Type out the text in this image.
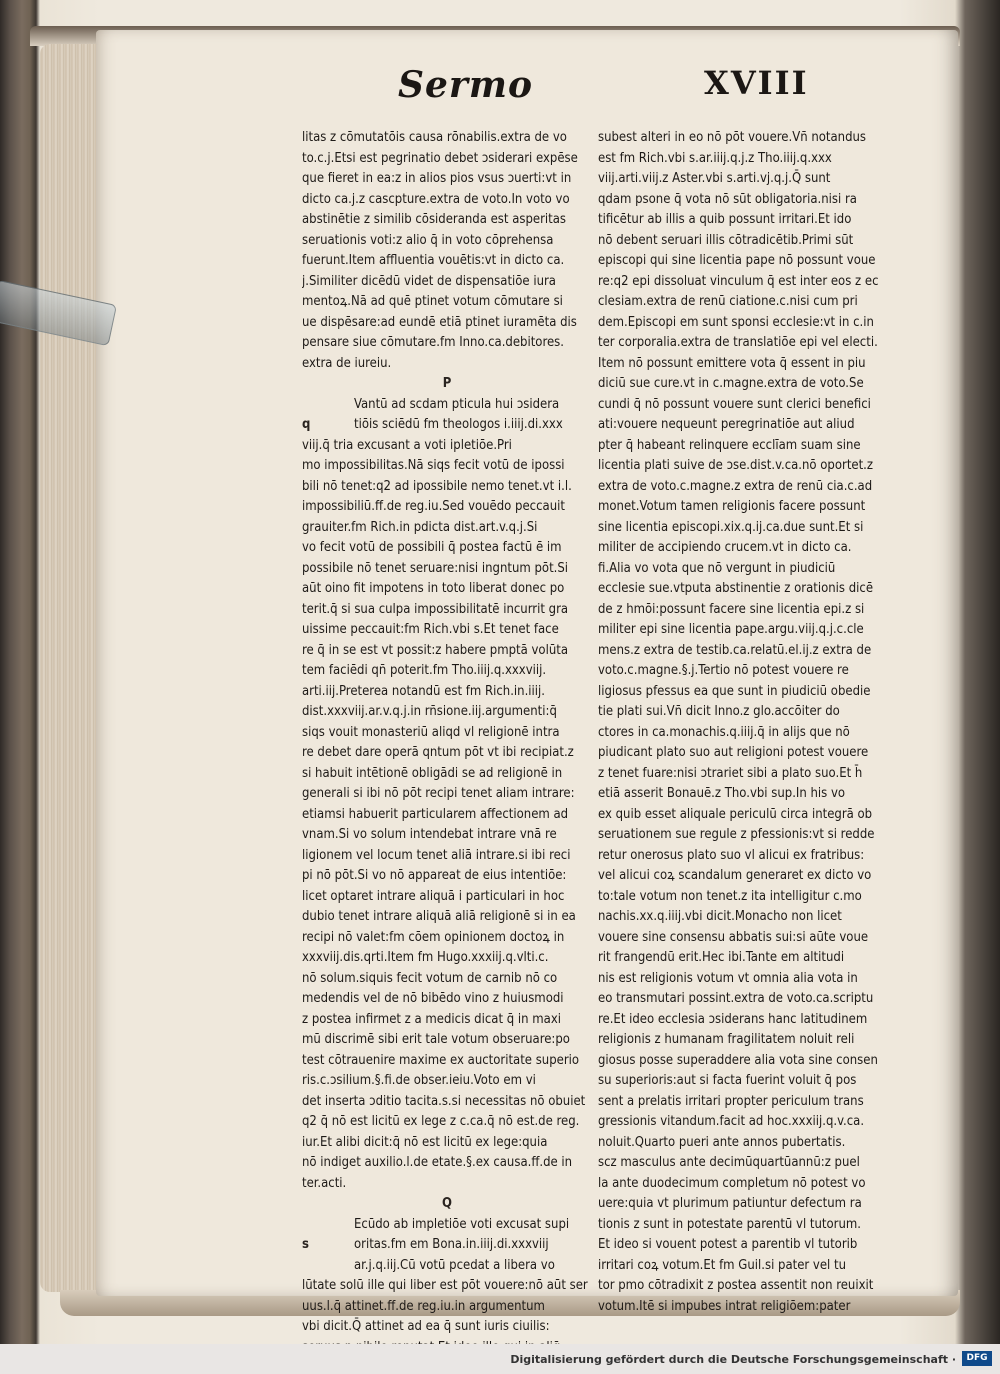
Sermo	XVIII
litas z cōmutatōis causa rōnabilis.extra de vo
to.c.j.Etsi est pegrinatio debet ɔsiderari expēse
que fieret in ea:z in alios pios vsus ɔuerti:vt in
dicto ca.j.z cascpture.extra de voto.In voto vo
abstinētie z similib cōsideranda est asperitas
seruationis voti:z alio q̄ in voto cōprehensa
fuerunt.Item affluentia vouētis:vt in dicto ca.
j.Similiter dicēdū videt de dispensatiōe iura
mentoꝝ.Nā ad quē ptinet votum cōmutare si
ue dispēsare:ad eundē etiā ptinet iuramēta dis
pensare siue cōmutare.fm Inno.ca.debitores.
extra de iureiu.
P
Vantū ad scdam pticula hui ɔsidera
q	tiōis sciēdū fm theologos i.iiij.di.xxx
viij.q̄ tria excusant a voti ipletiōe.Pri
mo impossibilitas.Nā siqs fecit votū de ipossi
bili nō tenet:q2 ad ipossibile nemo tenet.vt i.l.
impossibiliū.ff.de reg.iu.Sed vouēdo peccauit
grauiter.fm Rich.in pdicta dist.art.v.q.j.Si
vo fecit votū de possibili q̄ postea factū ē im
possibile nō tenet seruare:nisi ingntum pōt.Si
aūt oino fit impotens in toto liberat donec po
terit.q̄ si sua culpa impossibilitatē incurrit gra
uissime peccauit:fm Rich.vbi s.Et tenet face
re q̄ in se est vt possit:z habere pmptā volūta
tem faciēdi qn̄ poterit.fm Tho.iiij.q.xxxviij.
arti.iij.Preterea notandū est fm Rich.in.iiij.
dist.xxxviij.ar.v.q.j.in rn̄sione.iij.argumenti:q̄
siqs vouit monasteriū aliqd vl religionē intra
re debet dare operā qntum pōt vt ibi recipiat.z
si habuit intētionē obligādi se ad religionē in
generali si ibi nō pōt recipi tenet aliam intrare:
etiamsi habuerit particularem affectionem ad
vnam.Si vo solum intendebat intrare vnā re
ligionem vel locum tenet aliā intrare.si ibi reci
pi nō pōt.Si vo nō appareat de eius intentiōe:
licet optaret intrare aliquā i particulari in hoc
dubio tenet intrare aliquā aliā religionē si in ea
recipi nō valet:fm cōem opinionem doctoꝝ in
xxxviij.dis.qrti.Item fm Hugo.xxxiij.q.vlti.c.
nō solum.siquis fecit votum de carnib nō co
medendis vel de nō bibēdo vino z huiusmodi
z postea infirmet z a medicis dicat q̄ in maxi
mū discrimē sibi erit tale votum obseruare:po
test cōtrauenire maxime ex auctoritate superio
ris.c.ɔsilium.§.fi.de obser.ieiu.Voto em vi
det inserta ɔditio tacita.s.si necessitas nō obuiet
q2 q̄ nō est licitū ex lege z c.ca.q̄ nō est.de reg.
iur.Et alibi dicit:q̄ nō est licitū ex lege:quia
nō indiget auxilio.l.de etate.§.ex causa.ff.de in
ter.acti.
Q
Ecūdo ab impletiōe voti excusat supi
s	oritas.fm em Bona.in.iiij.di.xxxviij
ar.j.q.iij.Cū votū pcedat a libera vo
lūtate solū ille qui liber est pōt vouere:nō aūt ser
uus.l.q̄ attinet.ff.de reg.iu.in argumentum
vbi dicit.Q̄ attinet ad ea q̄ sunt iuris ciuilis:
subest alteri in eo nō pōt vouere.Vn̄ notandus
est fm Rich.vbi s.ar.iiij.q.j.z Tho.iiij.q.xxx
viij.arti.viij.z Aster.vbi s.arti.vj.q.j.Q̄ sunt
qdam psone q̄ vota nō sūt obligatoria.nisi ra
tificētur ab illis a quib possunt irritari.Et ido
nō debent seruari illis cōtradicētib.Primi sūt
episcopi qui sine licentia pape nō possunt voue
re:q2 epi dissoluat vinculum q̄ est inter eos z ec
clesiam.extra de renū ciatione.c.nisi cum pri
dem.Episcopi em sunt sponsi ecclesie:vt in c.in
ter corporalia.extra de translatiōe epi vel electi.
Item nō possunt emittere vota q̄ essent in piu
diciū sue cure.vt in c.magne.extra de voto.Se
cundi q̄ nō possunt vouere sunt clerici benefici
ati:vouere nequeunt peregrinatiōe aut aliud
pter q̄ habeant relinquere ecclīam suam sine
licentia plati suive de ɔse.dist.v.ca.nō oportet.z
extra de voto.c.magne.z extra de renū cia.c.ad
monet.Votum tamen religionis facere possunt
sine licentia episcopi.xix.q.ij.ca.due sunt.Et si
militer de accipiendo crucem.vt in dicto ca.
fi.Alia vo vota que nō vergunt in piudiciū
ecclesie sue.vtputa abstinentie z orationis dicē
de z hmōi:possunt facere sine licentia epi.z si
militer epi sine licentia pape.argu.viij.q.j.c.cle
mens.z extra de testib.ca.relatū.el.ij.z extra de
voto.c.magne.§.j.Tertio nō potest vouere re
ligiosus pfessus ea que sunt in piudiciū obedie
tie plati sui.Vn̄ dicit Inno.z glo.accōiter do
ctores in ca.monachis.q.iiij.q̄ in alijs que nō
piudicant plato suo aut religioni potest vouere
z tenet fuare:nisi ɔtrariet sibi a plato suo.Et h̄
etiā asserit Bonauē.z Tho.vbi sup.In his vo
ex quib esset aliquale periculū circa integrā ob
seruationem sue regule z pfessionis:vt si redde
retur onerosus plato suo vl alicui ex fratribus:
vel alicui coꝝ scandalum generaret ex dicto vo
to:tale votum non tenet.z ita intelligitur c.mo
nachis.xx.q.iiij.vbi dicit.Monacho non licet
vouere sine consensu abbatis sui:si aūte voue
rit frangendū erit.Hec ibi.Tante em altitudi
nis est religionis votum vt omnia alia vota in
eo transmutari possint.extra de voto.ca.scriptu
re.Et ideo ecclesia ɔsiderans hanc latitudinem
religionis z humanam fragilitatem noluit reli
giosus posse superaddere alia vota sine consen
su superioris:aut si facta fuerint voluit q̄ pos
sent a prelatis irritari propter periculum trans
gressionis vitandum.facit ad hoc.xxxiij.q.v.ca.
noluit.Quarto pueri ante annos pubertatis.
scz masculus ante decimūquartūannū:z puel
la ante duodecimum completum nō potest vo
uere:quia vt plurimum patiuntur defectum ra
tionis z sunt in potestate parentū vl tutorum.
Et ideo si vouent potest a parentib vl tutorib
irritari coꝝ votum.Et fm Guil.si pater vel tu
tor pmo cōtradixit z postea assentit non reuixit
votum.Itē si impubes intrat religiōem:pater
Digitalisierung gefördert durch die Deutsche Forschungsgemeinschaft ·	DFG
